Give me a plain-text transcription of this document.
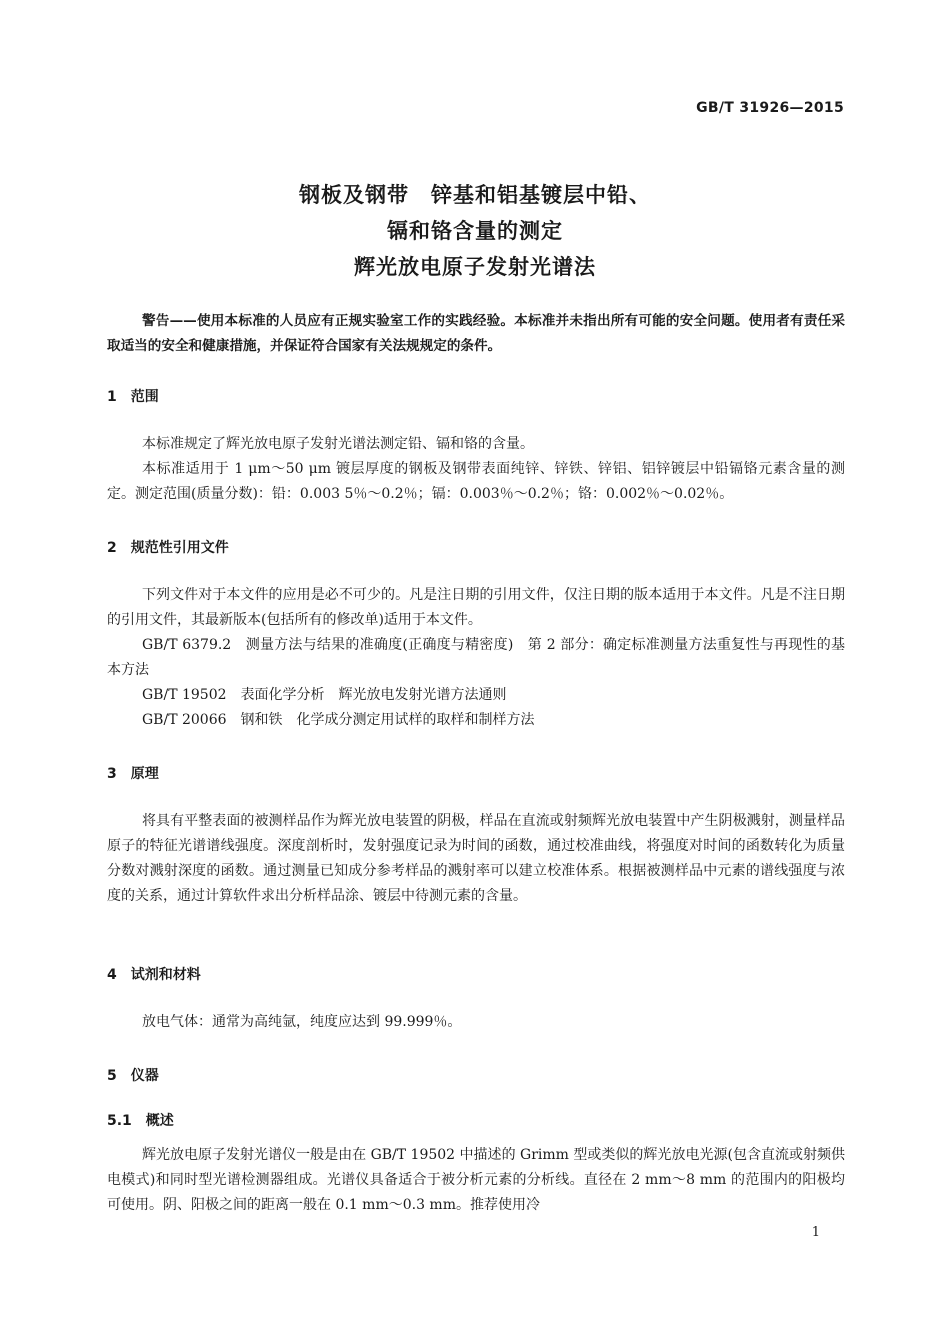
GB/T 31926—2015
钢板及钢带　锌基和铝基镀层中铅、
镉和铬含量的测定
辉光放电原子发射光谱法
警告——使用本标准的人员应有正规实验室工作的实践经验。本标准并未指出所有可能的安全问题。使用者有责任采取适当的安全和健康措施，并保证符合国家有关法规规定的条件。
1　范围
本标准规定了辉光放电原子发射光谱法测定铅、镉和铬的含量。
本标准适用于 1 μm～50 μm 镀层厚度的钢板及钢带表面纯锌、锌铁、锌铝、铝锌镀层中铅镉铬元素含量的测定。测定范围(质量分数)：铅：0.003 5％～0.2％；镉：0.003％～0.2％；铬：0.002％～0.02％。
2　规范性引用文件
下列文件对于本文件的应用是必不可少的。凡是注日期的引用文件，仅注日期的版本适用于本文件。凡是不注日期的引用文件，其最新版本(包括所有的修改单)适用于本文件。
GB/T 6379.2　测量方法与结果的准确度(正确度与精密度)　第 2 部分：确定标准测量方法重复性与再现性的基本方法
GB/T 19502　表面化学分析　辉光放电发射光谱方法通则
GB/T 20066　钢和铁　化学成分测定用试样的取样和制样方法
3　原理
将具有平整表面的被测样品作为辉光放电装置的阴极，样品在直流或射频辉光放电装置中产生阴极溅射，测量样品原子的特征光谱谱线强度。深度剖析时，发射强度记录为时间的函数，通过校准曲线，将强度对时间的函数转化为质量分数对溅射深度的函数。通过测量已知成分参考样品的溅射率可以建立校准体系。根据被测样品中元素的谱线强度与浓度的关系，通过计算软件求出分析样品涂、镀层中待测元素的含量。
4　试剂和材料
放电气体：通常为高纯氩，纯度应达到 99.999％。
5　仪器
5.1　概述
辉光放电原子发射光谱仪一般是由在 GB/T 19502 中描述的 Grimm 型或类似的辉光放电光源(包含直流或射频供电模式)和同时型光谱检测器组成。光谱仪具备适合于被分析元素的分析线。直径在 2 mm～8 mm 的范围内的阳极均可使用。阴、阳极之间的距离一般在 0.1 mm～0.3 mm。推荐使用冷
1
